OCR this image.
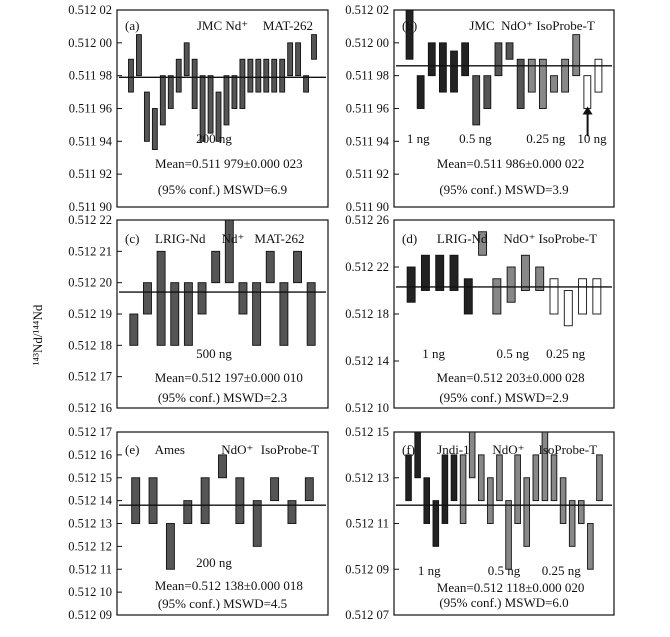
¹⁴³Nd/¹⁴⁴Nd
0.511 90
0.511 92
0.511 94
0.511 96
0.511 98
0.512 00
0.512 02
(a)	JMC Nd⁺ MAT-262
200 ng
Mean=0.511 979±0.000 023
(95% conf.) MSWD=6.9
0.511 90
0.511 92
0.511 94
0.511 96
0.511 98
0.512 00
0.512 02
(b)	JMC NdO⁺ IsoProbe-T
1 ng 0.5 ng	0.25 ng 10 ng
Mean=0.511 986±0.000 022
(95% conf.) MSWD=3.9
0.512 16
0.512 17
0.512 18
0.512 19
0.512 20
0.512 21
0.512 22
(c) LRIG-Nd Nd⁺ MAT-262
500 ng
Mean=0.512 197±0.000 010
(95% conf.) MSWD=2.3
0.512 10
0.512 14
0.512 18
0.512 22
0.512 26
(d) LRIG-Nd NdO⁺ IsoProbe-T
1 ng	0.5 ng 0.25 ng
Mean=0.512 203±0.000 028
(95% conf.) MSWD=2.9
0.512 09
0.512 10
0.512 11
0.512 12
0.512 13
0.512 14
0.512 15
0.512 16
0.512 17
(e) Ames	NdO⁺ IsoProbe-T
200 ng
Mean=0.512 138±0.000 018
(95% conf.) MSWD=4.5
0.512 07
0.512 09
0.512 11
0.512 13
0.512 15
(f) Jndi-1 NdO⁺ IsoProbe-T
1 ng	0.5 ng 0.25 ng
Mean=0.512 118±0.000 020
(95% conf.) MSWD=6.0
